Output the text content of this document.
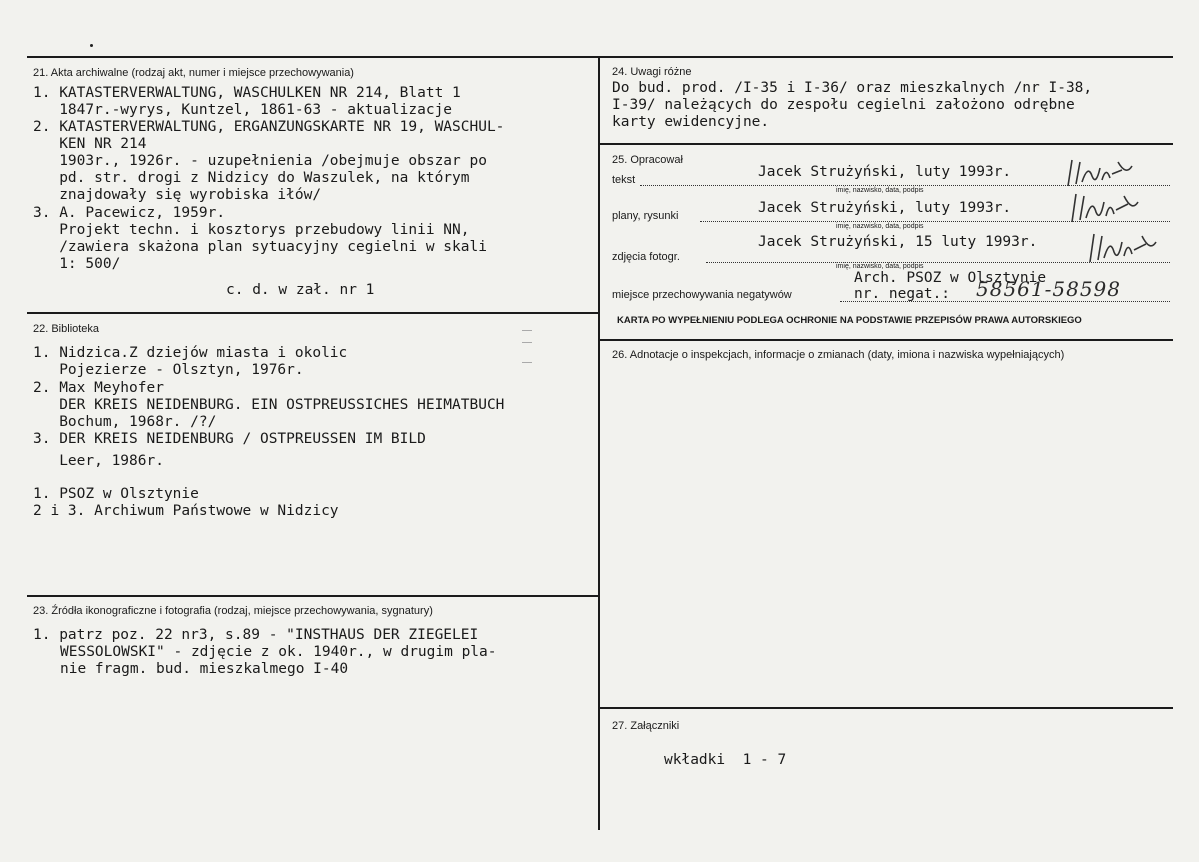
21. Akta archiwalne (rodzaj akt, numer i miejsce przechowywania)
1. KATASTERVERWALTUNG, WASCHULKEN NR 214, Blatt 1
1847r.-wyrys, Kuntzel, 1861-63 - aktualizacje
2. KATASTERVERWALTUNG, ERGANZUNGSKARTE NR 19, WASCHUL-
KEN NR 214
1903r., 1926r. - uzupełnienia /obejmuje obszar po
pd. str. drogi z Nidzicy do Waszulek, na którym
znajdowały się wyrobiska iłów/
3. A. Pacewicz, 1959r.
Projekt techn. i kosztorys przebudowy linii NN,
/zawiera skażona plan sytuacyjny cegielni w skali
1: 500/
c. d. w zał. nr 1
22. Biblioteka
1. Nidzica.Z dziejów miasta i okolic
Pojezierze - Olsztyn, 1976r.
2. Max Meyhofer
DER KREIS NEIDENBURG. EIN OSTPREUSSICHES HEIMATBUCH
Bochum, 1968r. /?/
3. DER KREIS NEIDENBURG / OSTPREUSSEN IM BILD
Leer, 1986r.
1. PSOZ w Olsztynie
2 i 3. Archiwum Państwowe w Nidzicy
23. Źródła ikonograficzne i fotografia (rodzaj, miejsce przechowywania, sygnatury)
1. patrz poz. 22 nr3, s.89 - "INSTHAUS DER ZIEGELEI
WESSOLOWSKI" - zdjęcie z ok. 1940r., w drugim pla-
nie fragm. bud. mieszkalmego I-40
24. Uwagi różne
Do bud. prod. /I-35 i I-36/ oraz mieszkalnych /nr I-38,
I-39/ należących do zespołu cegielni założono odrębne
karty ewidencyjne.
25. Opracował
tekst	Jacek Strużyński, luty 1993r.
imię, nazwisko, data, podpis
plany, rysunki	Jacek Strużyński, luty 1993r.
imię, nazwisko, data, podpis
zdjęcia fotogr.
Jacek Strużyński, 15 luty 1993r.
imię, nazwisko, data, podpis
miejsce przechowywania negatywów
Arch. PSOZ w Olsztynie
nr. negat.: 58561-58598
KARTA PO WYPEŁNIENIU PODLEGA OCHRONIE NA PODSTAWIE PRZEPISÓW PRAWA AUTORSKIEGO
26. Adnotacje o inspekcjach, informacje o zmianach (daty, imiona i nazwiska wypełniających)
27. Załączniki
wkładki  1 - 7
